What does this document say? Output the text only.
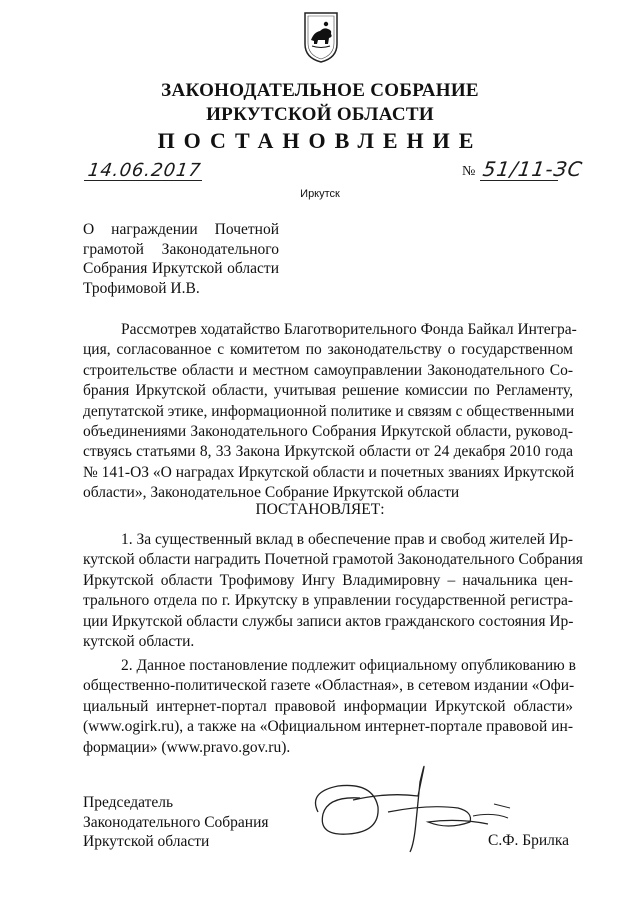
ЗАКОНОДАТЕЛЬНОЕ СОБРАНИЕ
ИРКУТСКОЙ ОБЛАСТИ
ПОСТАНОВЛЕНИЕ
14.06.2017	№ 51/11-ЗС
Иркутск
О награждении Почетной
грамотой Законодательного
Собрания Иркутской области
Трофимовой И.В.
Рассмотрев ходатайство Благотворительного Фонда Байкал Интегра-
ция, согласованное с комитетом по законодательству о государственном
строительстве области и местном самоуправлении Законодательного Со-
брания Иркутской области, учитывая решение комиссии по Регламенту,
депутатской этике, информационной политике и связям с общественными
объединениями Законодательного Собрания Иркутской области, руковод-
ствуясь статьями 8, 33 Закона Иркутской области от 24 декабря 2010 года
№ 141-ОЗ «О наградах Иркутской области и почетных званиях Иркутской
области», Законодательное Собрание Иркутской области
ПОСТАНОВЛЯЕТ:
1. За существенный вклад в обеспечение прав и свобод жителей Ир-
кутской области наградить Почетной грамотой Законодательного Собрания
Иркутской области Трофимову Ингу Владимировну – начальника цен-
трального отдела по г. Иркутску в управлении государственной регистра-
ции Иркутской области службы записи актов гражданского состояния Ир-
кутской области.
2. Данное постановление подлежит официальному опубликованию в
общественно-политической газете «Областная», в сетевом издании «Офи-
циальный интернет-портал правовой информации Иркутской области»
(www.ogirk.ru), а также на «Официальном интернет-портале правовой ин-
формации» (www.pravo.gov.ru).
Председатель
Законодательного Собрания
Иркутской области	С.Ф. Брилка
